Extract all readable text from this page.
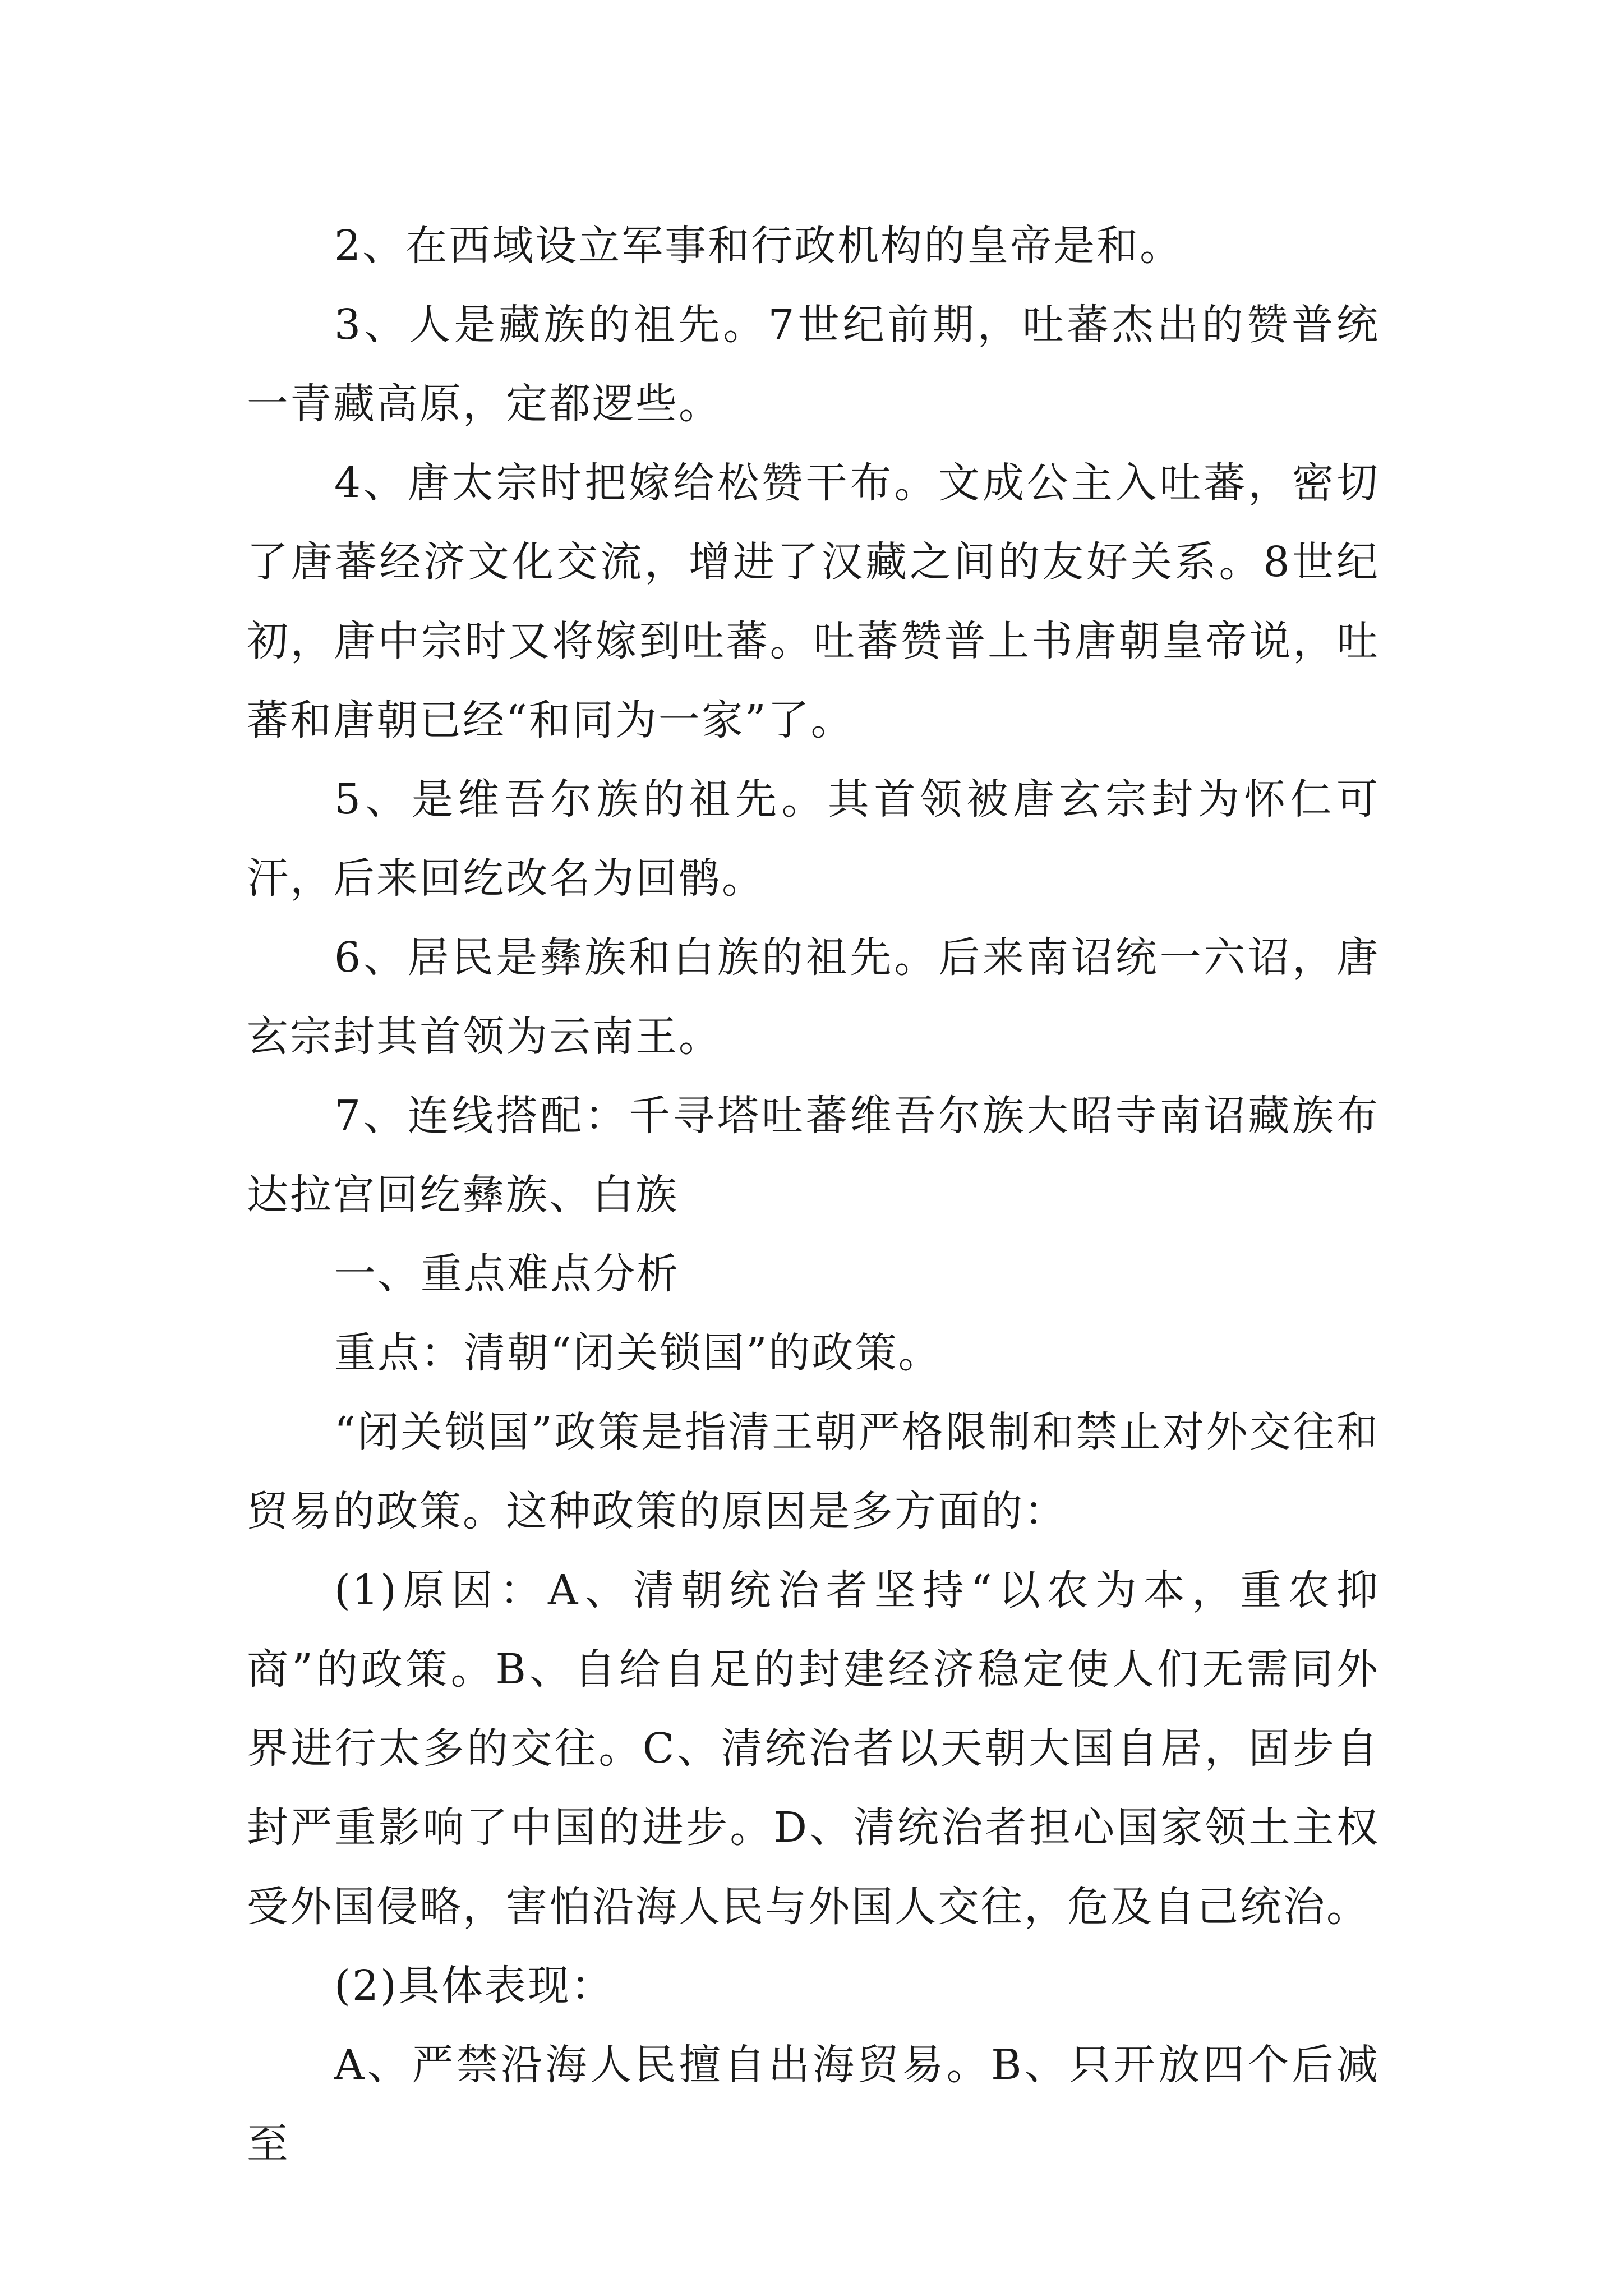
2、在西域设立军事和行政机构的皇帝是和。

3、人是藏族的祖先。7世纪前期，吐蕃杰出的赞普统一青藏高原，定都逻些。

4、唐太宗时把嫁给松赞干布。文成公主入吐蕃，密切了唐蕃经济文化交流，增进了汉藏之间的友好关系。8世纪初，唐中宗时又将嫁到吐蕃。吐蕃赞普上书唐朝皇帝说，吐蕃和唐朝已经“和同为一家”了。

5、是维吾尔族的祖先。其首领被唐玄宗封为怀仁可汗，后来回纥改名为回鹘。

6、居民是彝族和白族的祖先。后来南诏统一六诏，唐玄宗封其首领为云南王。

7、连线搭配：千寻塔吐蕃维吾尔族大昭寺南诏藏族布达拉宫回纥彝族、白族

一、重点难点分析

重点：清朝“闭关锁国”的政策。

“闭关锁国”政策是指清王朝严格限制和禁止对外交往和贸易的政策。这种政策的原因是多方面的：

(1)原因：A、清朝统治者坚持“以农为本，重农抑商”的政策。B、自给自足的封建经济稳定使人们无需同外界进行太多的交往。C、清统治者以天朝大国自居，固步自封严重影响了中国的进步。D、清统治者担心国家领土主权受外国侵略，害怕沿海人民与外国人交往，危及自己统治。

(2)具体表现：

A、严禁沿海人民擅自出海贸易。B、只开放四个后减至
